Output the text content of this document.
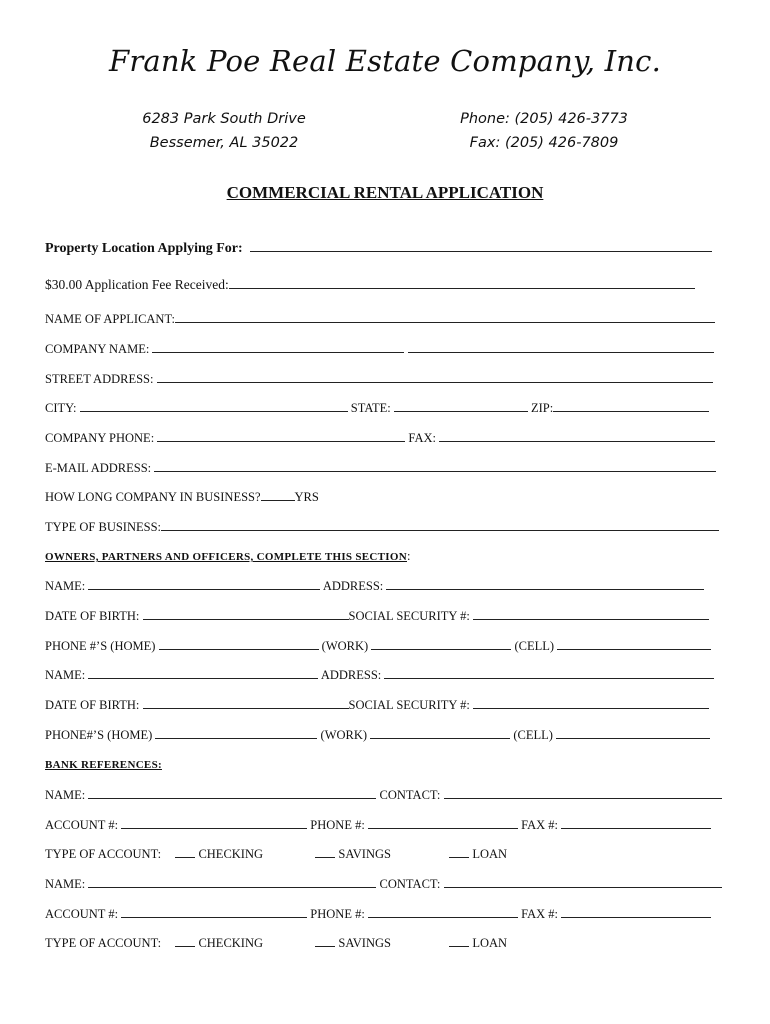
Frank Poe Real Estate Company, Inc.
6283 Park South Drive
Bessemer, AL 35022
Phone: (205) 426-3773
Fax: (205) 426-7809
COMMERCIAL RENTAL APPLICATION
Property Location Applying For:
$30.00 Application Fee Received:
NAME OF APPLICANT:
COMPANY NAME:
STREET ADDRESS:
CITY:	STATE:	ZIP:
COMPANY PHONE:	FAX:
E-MAIL ADDRESS:
HOW LONG COMPANY IN BUSINESS?	YRS
TYPE OF BUSINESS:
OWNERS, PARTNERS AND OFFICERS, COMPLETE THIS SECTION:
NAME:	ADDRESS:
DATE OF BIRTH:	SOCIAL SECURITY #:
PHONE #’S (HOME)	(WORK)	(CELL)
NAME:	ADDRESS:
DATE OF BIRTH:	SOCIAL SECURITY #:
PHONE#’S (HOME)	(WORK)	(CELL)
BANK REFERENCES:
NAME:	CONTACT:
ACCOUNT #:	PHONE #:	FAX #:
TYPE OF ACCOUNT:	CHECKING	SAVINGS	LOAN
NAME:	CONTACT:
ACCOUNT #:	PHONE #:	FAX #:
TYPE OF ACCOUNT:	CHECKING	SAVINGS	LOAN
